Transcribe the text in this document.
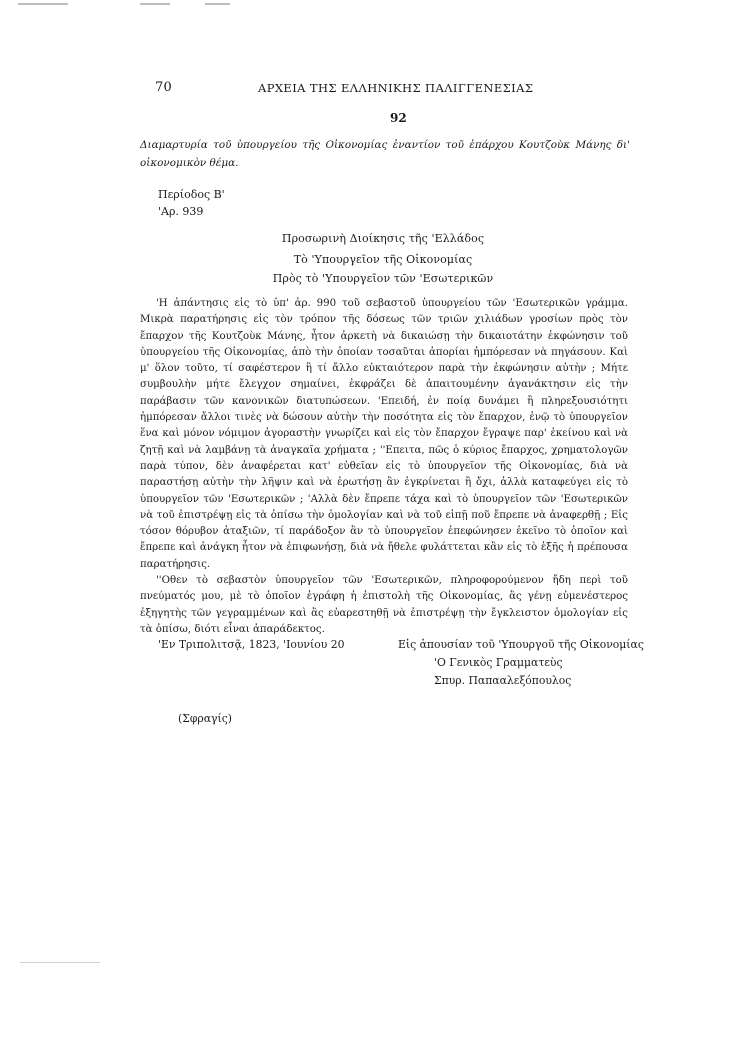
70	ΑΡΧΕΙΑ ΤΗΣ ΕΛΛΗΝΙΚΗΣ ΠΑΛΙΓΓΕΝΕΣΙΑΣ
92

Διαμαρτυρία τοῦ ὑπουργείου τῆς Οἰκονομίας ἐναντίον τοῦ ἐπάρχου Κουτζοὺκ Μάνης δι' οἰκονομικὸν θέμα.

Περίοδος Β'
'Αρ. 939
Προσωρινὴ Διοίκησις τῆς 'Ελλάδος
Τὸ 'Υπουργεῖον τῆς Οἰκονομίας
Πρὸς τὸ 'Υπουργεῖον τῶν 'Εσωτερικῶν

'Η ἀπάντησις εἰς τὸ ὑπ' ἀρ. 990 τοῦ σεβαστοῦ ὑπουργείου τῶν 'Εσωτερικῶν γράμμα. Μικρὰ παρατήρησις εἰς τὸν τρόπον τῆς δόσεως τῶν τριῶν χιλιάδων γροσίων πρὸς τὸν ἔπαρχον τῆς Κουτζοὺκ Μάνης, ἦτον ἀρκετὴ νὰ δικαιώσῃ τὴν δικαιοτάτην ἐκφώνησιν τοῦ ὑπουργείου τῆς Οἰκονομίας, ἀπὸ τὴν ὁποίαν τοσαῦται ἀπορίαι ἠμπόρεσαν νὰ πηγάσουν. Καὶ μ' ὅλον τοῦτο, τί σαφέστερον ἢ τί ἄλλο εὐκταιότερον παρὰ τὴν ἐκφώνησιν αὐτὴν ; Μήτε συμβουλὴν μήτε ἔλεγχον σημαίνει, ἐκφράζει δὲ ἀπαιτουμένην ἀγανάκτησιν εἰς τὴν παράβασιν τῶν κανονικῶν διατυπώσεων. 'Επειδή, ἐν ποίᾳ δυνάμει ἢ πληρεξουσιότητι ἠμπόρεσαν ἄλλοι τινὲς νὰ δώσουν αὐτὴν τὴν ποσότητα εἰς τὸν ἔπαρχον, ἐνῷ τὸ ὑπουργεῖον ἕνα καὶ μόνον νόμιμον ἀγοραστὴν γνωρίζει καὶ εἰς τὸν ἔπαρχον ἔγραψε παρ' ἐκείνου καὶ νὰ ζητῇ καὶ νὰ λαμβάνῃ τὰ ἀναγκαῖα χρήματα ; ''Επειτα, πῶς ὁ κύριος ἔπαρχος, χρηματολογῶν παρὰ τύπον, δὲν ἀναφέρεται κατ' εὐθεῖαν εἰς τὸ ὑπουργεῖον τῆς Οἰκονομίας, διὰ νὰ παραστήσῃ αὐτὴν τὴν λῆψιν καὶ νὰ ἐρωτήσῃ ἂν ἐγκρίνεται ἢ ὄχι, ἀλλὰ καταφεύγει εἰς τὸ ὑπουργεῖον τῶν 'Εσωτερικῶν ; 'Αλλὰ δὲν ἔπρεπε τάχα καὶ τὸ ὑπουργεῖον τῶν 'Εσωτερικῶν νὰ τοῦ ἐπιστρέψῃ εἰς τὰ ὀπίσω τὴν ὁμολογίαν καὶ νὰ τοῦ εἰπῇ ποῦ ἔπρεπε νὰ ἀναφερθῇ ; Εἰς τόσον θόρυβον ἀταξιῶν, τί παράδοξον ἂν τὸ ὑπουργεῖον ἐπεφώνησεν ἐκεῖνο τὸ ὁποῖον καὶ ἔπρεπε καὶ ἀνάγκη ἦτον νὰ ἐπιφωνήσῃ, διὰ νὰ ἤθελε φυλάττεται κἂν εἰς τὸ ἑξῆς ἡ πρέπουσα παρατήρησις.

''Οθεν τὸ σεβαστὸν ὑπουργεῖον τῶν 'Εσωτερικῶν, πληροφορούμενον ἤδη περὶ τοῦ πνεύματός μου, μὲ τὸ ὁποῖον ἐγράφη ἡ ἐπιστολὴ τῆς Οἰκονομίας, ἂς γένῃ εὐμενέστερος ἐξηγητὴς τῶν γεγραμμένων καὶ ἂς εὐαρεστηθῇ νὰ ἐπιστρέψῃ τὴν ἔγκλειστον ὁμολογίαν εἰς τὰ ὀπίσω, διότι εἶναι ἀπαράδεκτος.

'Εν Τριπολιτσᾷ, 1823, 'Ιουνίου 20	Εἰς ἀπουσίαν τοῦ 'Υπουργοῦ τῆς Οἰκονομίας
'Ο Γενικὸς Γραμματεὺς
Σπυρ. Παπααλεξόπουλος
(Σφραγίς)
